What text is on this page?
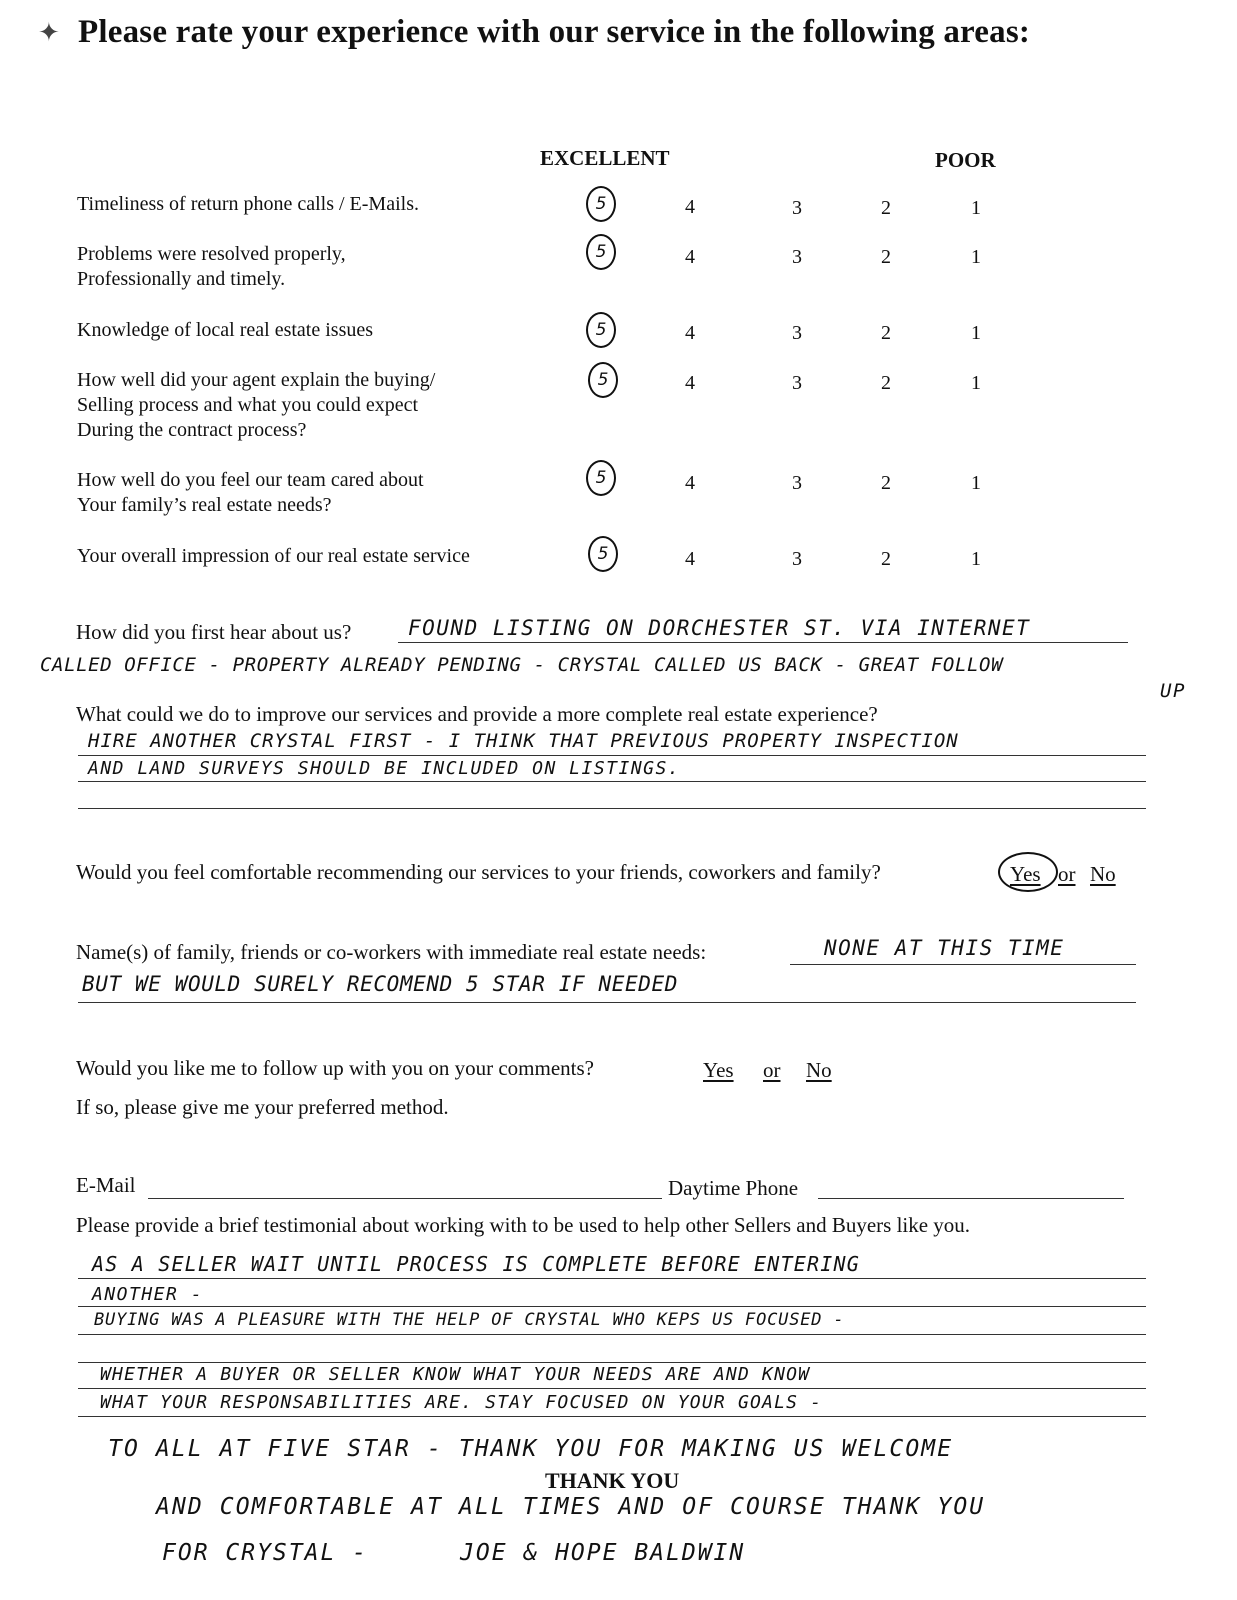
✦ Please rate your experience with our service in the following areas:
EXCELLENT	POOR
Timeliness of return phone calls / E-Mails.	5	4	3	2	1
Problems were resolved properly,
Professionally and timely.
5	4	3	2	1
Knowledge of local real estate issues	5	4	3	2	1
How well did your agent explain the buying/
Selling process and what you could expect
During the contract process?
5	4	3	2	1
How well do you feel our team cared about
Your family’s real estate needs?
5	4	3	2	1
Your overall impression of our real estate service	5	4	3	2	1
How did you first hear about us?	FOUND LISTING ON DORCHESTER ST. VIA INTERNET
CALLED OFFICE - PROPERTY ALREADY PENDING - CRYSTAL CALLED US BACK - GREAT FOLLOW
UP
What could we do to improve our services and provide a more complete real estate experience?
HIRE ANOTHER CRYSTAL FIRST - I THINK THAT PREVIOUS PROPERTY INSPECTION
AND LAND SURVEYS SHOULD BE INCLUDED ON LISTINGS.
Would you feel comfortable recommending our services to your friends, coworkers and family?	Yes or No
Name(s) of family, friends or co-workers with immediate real estate needs:	NONE AT THIS TIME
BUT WE WOULD SURELY RECOMEND 5 STAR IF NEEDED
Would you like me to follow up with you on your comments?	Yes or No
If so, please give me your preferred method.
E-Mail	Daytime Phone
Please provide a brief testimonial about working with to be used to help other Sellers and Buyers like you.
AS A SELLER WAIT UNTIL PROCESS IS COMPLETE BEFORE ENTERING
ANOTHER -
BUYING WAS A PLEASURE WITH THE HELP OF CRYSTAL WHO KEPS US FOCUSED -
WHETHER A BUYER OR SELLER KNOW WHAT YOUR NEEDS ARE AND KNOW
WHAT YOUR RESPONSABILITIES ARE. STAY FOCUSED ON YOUR GOALS -
TO ALL AT FIVE STAR - THANK YOU FOR MAKING US WELCOME
THANK YOU
AND COMFORTABLE AT ALL TIMES AND OF COURSE THANK YOU
FOR CRYSTAL -	JOE & HOPE BALDWIN
